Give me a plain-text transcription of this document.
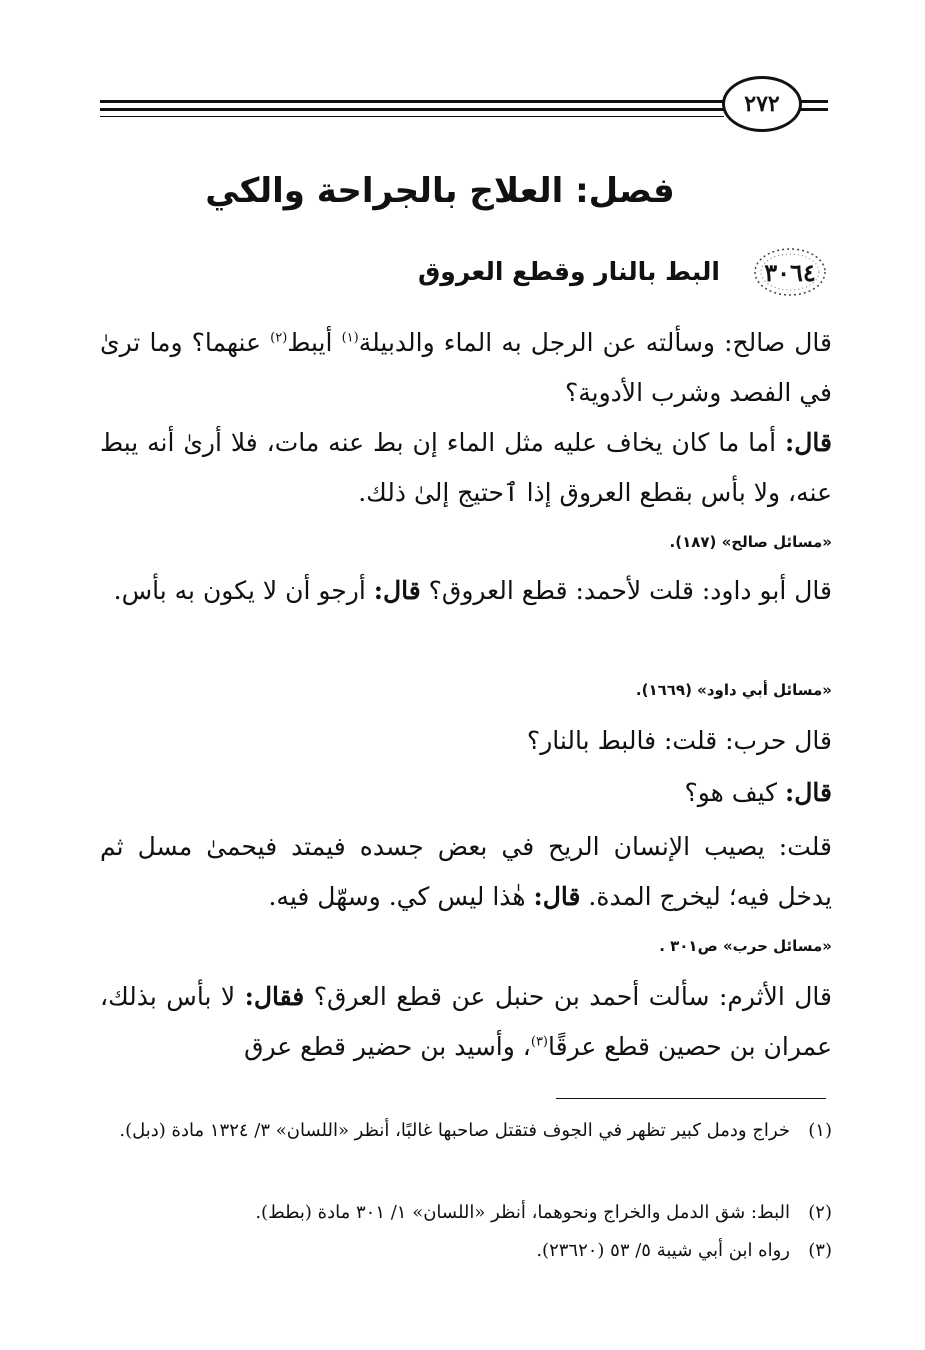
٢٧٢
فصل: العلاج بالجراحة والكي
٣٠٦٤
البط بالنار وقطع العروق
قال صالح: وسألته عن الرجل به الماء والدبيلة$^{(١)}$ أيبط$^{(٢)}$ عنهما؟ وما ترىٰ في الفصد وشرب الأدوية؟
قال: أما ما كان يخاف عليه مثل الماء إن بط عنه مات، فلا أرىٰ أنه يبط عنه، ولا بأس بقطع العروق إذا ٱحتيج إلىٰ ذلك.
«مسائل صالح» (١٨٧).
قال أبو داود: قلت لأحمد: قطع العروق؟ قال: أرجو أن لا يكون به بأس.
«مسائل أبي داود» (١٦٦٩).
قال حرب: قلت: فالبط بالنار؟
قال: كيف هو؟
قلت: يصيب الإنسان الريح في بعض جسده فيمتد فيحمىٰ مسل ثم يدخل فيه؛ ليخرج المدة. قال: هٰذا ليس كي. وسهّل فيه.
«مسائل حرب» ص٣٠١ .
قال الأثرم: سألت أحمد بن حنبل عن قطع العرق؟ فقال: لا بأس بذلك، عمران بن حصين قطع عرقًا$^{(٣)}$، وأسيد بن حضير قطع عرق
(١)خراج ودمل كبير تظهر في الجوف فتقتل صاحبها غالبًا، أنظر «اللسان» ٣/ ١٣٢٤ مادة (دبل).
(٢)البط: شق الدمل والخراج ونحوهما، أنظر «اللسان» ١/ ٣٠١ مادة (بطط).
(٣)رواه ابن أبي شيبة ٥/ ٥٣ (٢٣٦٢٠).
